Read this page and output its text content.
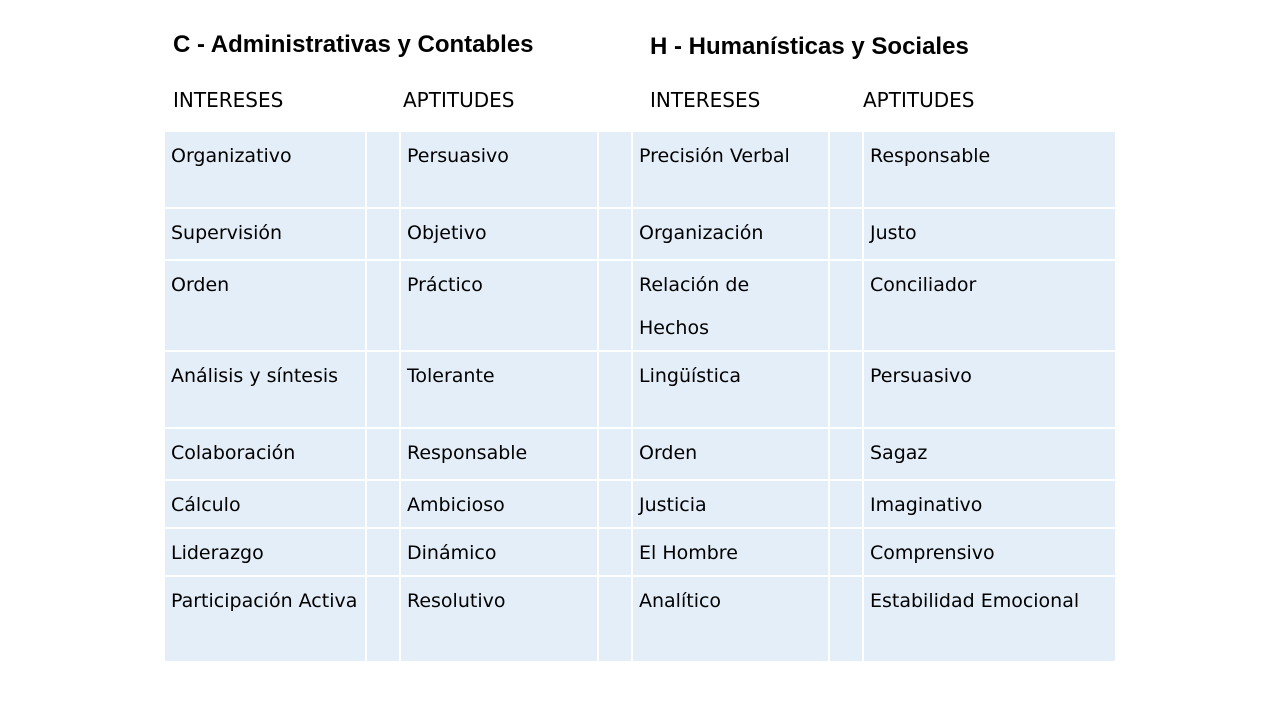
C - Administrativas y Contables	H - Humanísticas y Sociales
INTERESES	APTITUDES	INTERESES	APTITUDES
Organizativo		Persuasivo		Precisión Verbal		Responsable
Supervisión		Objetivo		Organización		Justo
Orden		Práctico		Relación de Hechos		Conciliador
Análisis y síntesis		Tolerante		Lingüística		Persuasivo
Colaboración		Responsable		Orden		Sagaz
Cálculo		Ambicioso		Justicia		Imaginativo
Liderazgo		Dinámico		El Hombre		Comprensivo
Participación Activa		Resolutivo		Analítico		Estabilidad Emocional
